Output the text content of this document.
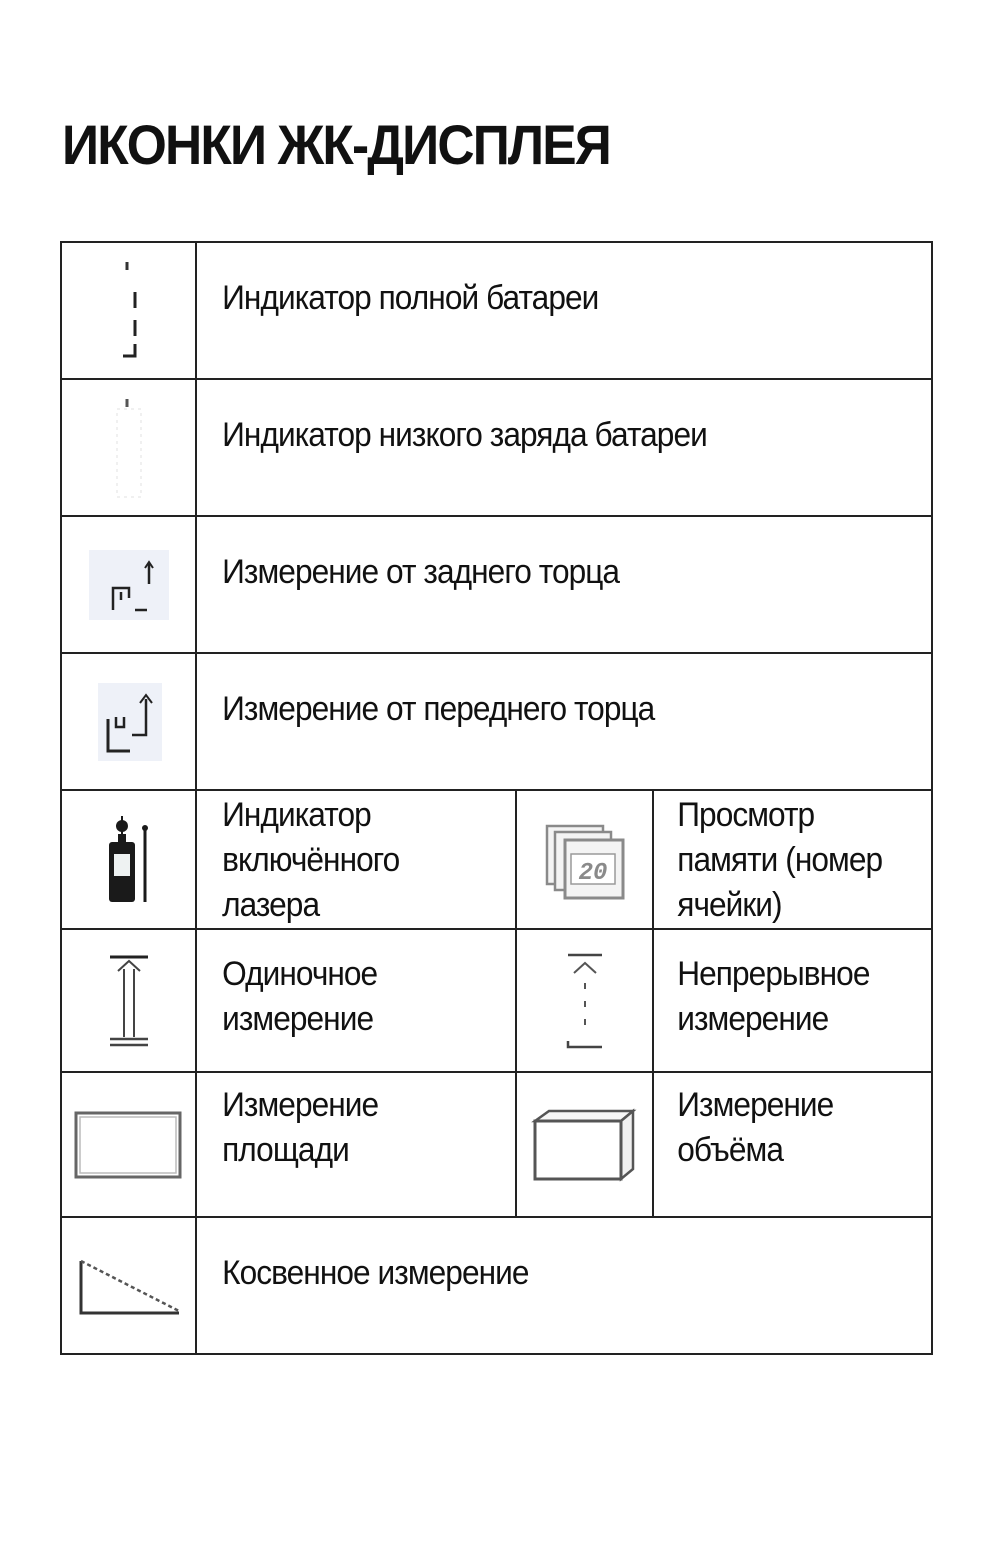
ИКОНКИ ЖК-ДИСПЛЕЯ

Индикатор полной батареи		

Индикатор низкого заряда батареи		

Измерение от заднего торца		

Измерение от переднего торца		

Индикатор включённого лазера	20	Просмотр памяти (номер ячейки)

Одиночное измерение		Непрерывное измерение

Измерение площади		Измерение объёма

Косвенное измерение		
